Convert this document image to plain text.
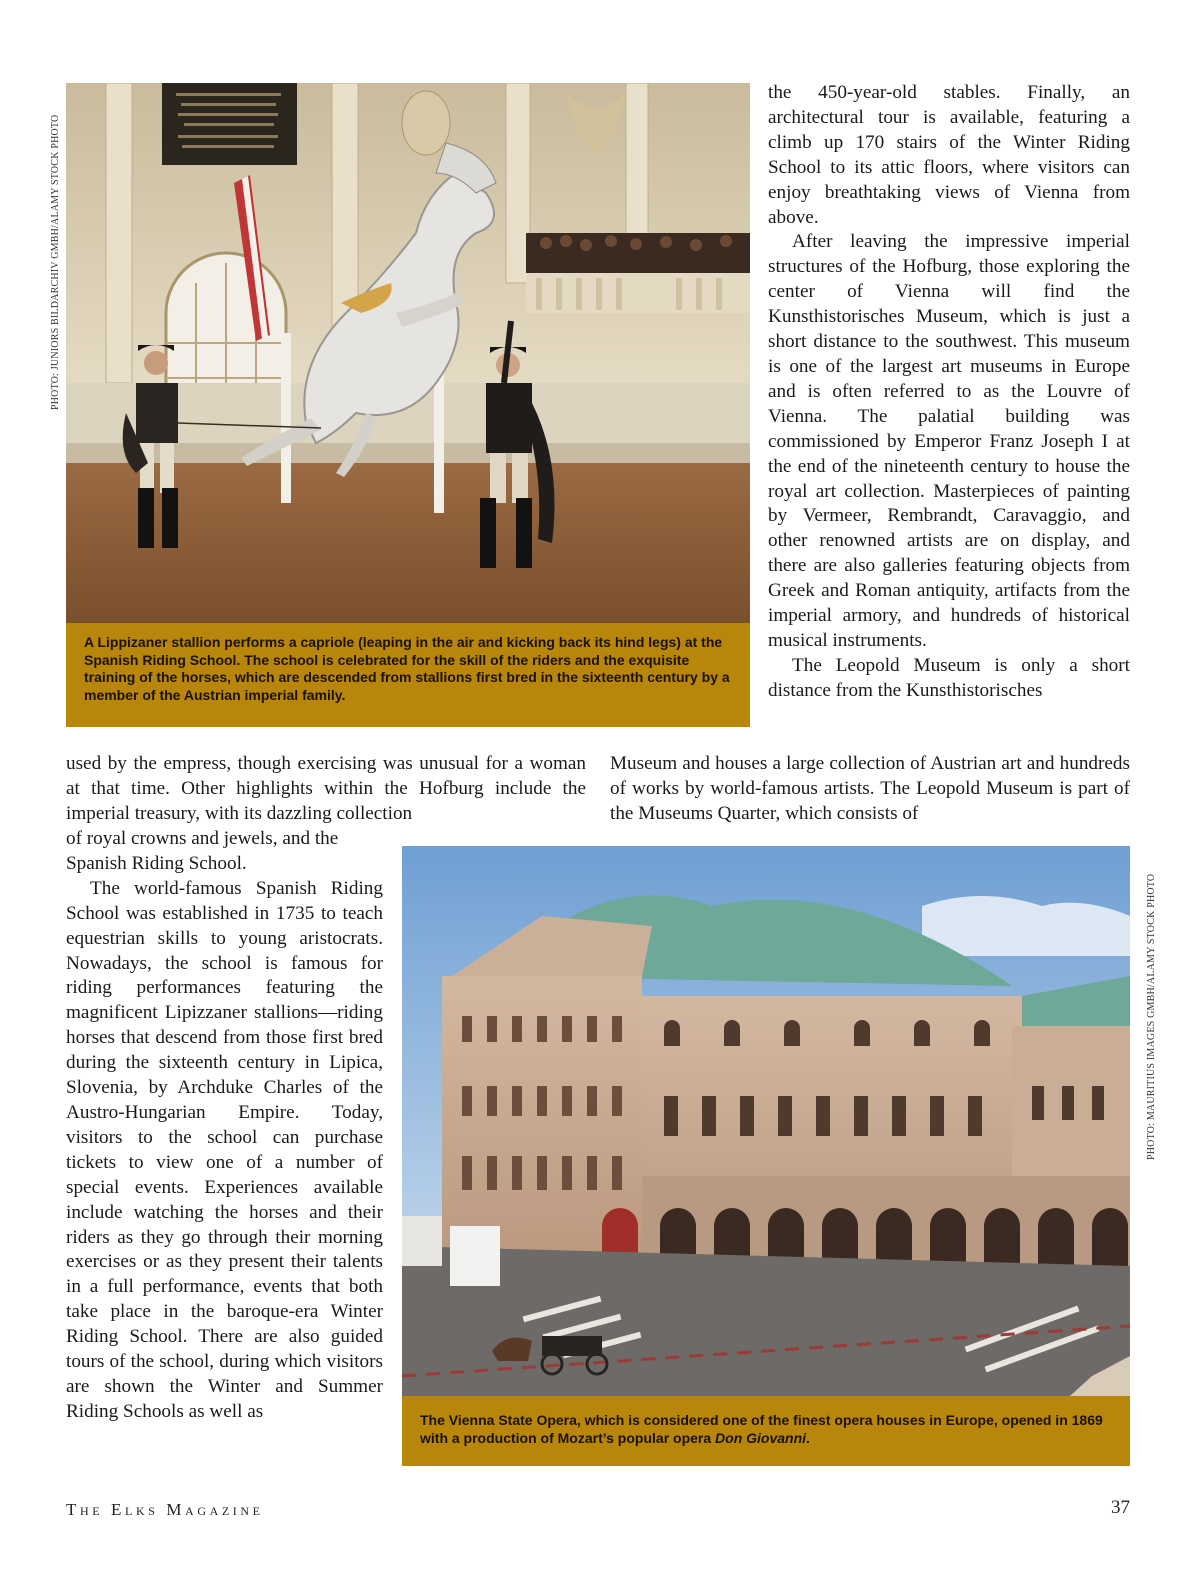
PHOTO: JUNIORS BILDARCHIV GMBH/ALAMY STOCK PHOTO
A Lippizaner stallion performs a capriole (leaping in the air and kicking back its hind legs) at the Spanish Riding School. The school is celebrated for the skill of the riders and the exquisite training of the horses, which are descended from stallions first bred in the sixteenth century by a member of the Austrian imperial family.

the 450-year-old stables. Finally, an architectural tour is available, featuring a climb up 170 stairs of the Winter Riding School to its attic floors, where visitors can enjoy breathtaking views of Vienna from above.

After leaving the impressive imperial structures of the Hofburg, those exploring the center of Vienna will find the Kunsthistorisches Museum, which is just a short distance to the southwest. This museum is one of the largest art museums in Europe and is often referred to as the Louvre of Vienna. The palatial building was commissioned by Emperor Franz Joseph I at the end of the nineteenth century to house the royal art collection. Masterpieces of painting by Vermeer, Rembrandt, Caravaggio, and other renowned artists are on display, and there are also galleries featuring objects from Greek and Roman antiquity, artifacts from the imperial armory, and hundreds of historical musical instruments.

The Leopold Museum is only a short distance from the Kunsthistorisches

used by the empress, though exercising was unusual for a woman at that time. Other highlights within the Hofburg include the imperial treasury, with its dazzling collection
Museum and houses a large collection of Austrian art and hundreds of works by world-famous artists. The Leopold Museum is part of the Museums Quarter, which consists of

of royal crowns and jewels, and the Spanish Riding School.

The world-famous Spanish Riding School was established in 1735 to teach equestrian skills to young aristocrats. Nowadays, the school is famous for riding performances featuring the magnificent Lipizzaner stallions—riding horses that descend from those first bred during the sixteenth century in Lipica, Slovenia, by Archduke Charles of the Austro-Hungarian Empire. Today, visitors to the school can purchase tickets to view one of a number of special events. Experiences available include watching the horses and their riders as they go through their morning exercises or as they present their talents in a full performance, events that both take place in the baroque-era Winter Riding School. There are also guided tours of the school, during which visitors are shown the Winter and Summer Riding Schools as well as

PHOTO: MAURITIUS IMAGES GMBH/ALAMY STOCK PHOTO
The Vienna State Opera, which is considered one of the finest opera houses in Europe, opened in 1869 with a production of Mozart’s popular opera Don Giovanni.
The Elks Magazine	37
